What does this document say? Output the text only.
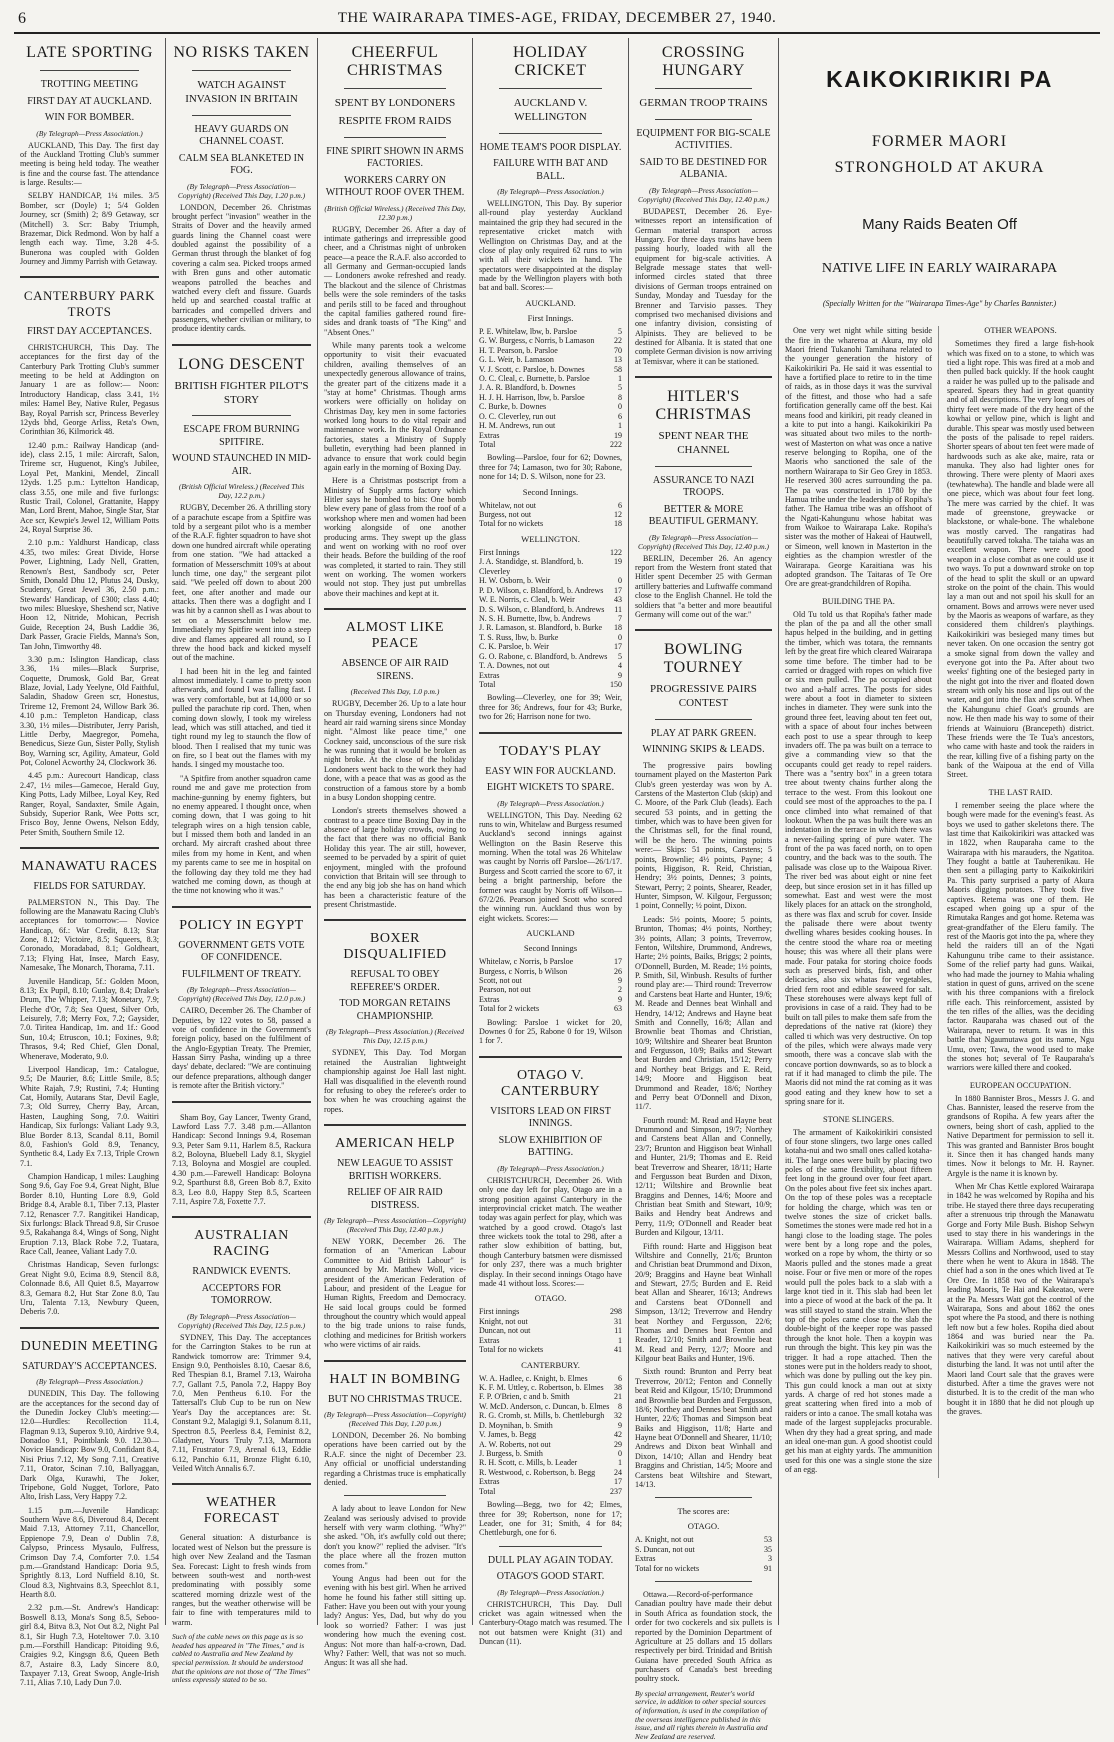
6	THE WAIRARAPA TIMES-AGE, FRIDAY, DECEMBER 27, 1940.
LATE SPORTING
TROTTING MEETING
FIRST DAY AT AUCKLAND.
WIN FOR BOMBER.
(By Telegraph—Press Association.)

AUCKLAND, This Day. The first day of the Auckland Trotting Club's summer meeting is being held today. The weather is fine and the course fast. The attendance is large. Results:—

SELBY HANDICAP, 1¼ miles. 3/5 Bomber, scr (Doyle) 1; 5/4 Golden Journey, scr (Smith) 2; 8/9 Getaway, scr (Mitchell) 3. Scr: Baby Triumph, Brazemar, Dick Redmond. Won by half a length each way. Time, 3.28 4-5. Bunerona was coupled with Golden Journey and Jimmy Parrish with Getaway.

CANTERBURY PARK TROTS
FIRST DAY ACCEPTANCES.

CHRISTCHURCH, This Day. The acceptances for the first day of the Canterbury Park Trotting Club's summer meeting to be held at Addington on January 1 are as follow:— Noon: Introductory Handicap, class 3.41, 1½ miles: Hamel Bey, Native Ruler, Pegasus Bay, Royal Parrish scr, Princess Beverley 12yds bhd, George Arliss, Reta's Own, Corinthian 36, Kilmorick 48.

12.40 p.m.: Railway Handicap (and-ide), class 2.15, 1 mile: Aircraft, Salon, Trireme scr, Huguenot, King's Jubilee, Loyal Pet, Mankini, Mendel, Zincall 12yds. 1.25 p.m.: Lyttelton Handicap, class 3.55, one mile and five furlongs: Rustic Trail, Colonel, Grattanite, Happy Man, Lord Brent, Mahoe, Single Star, Star Ace scr, Kewpie's Jewel 12, William Potts 24, Royal Surprise 36.

2.10 p.m.: Yaldhurst Handicap, class 4.35, two miles: Great Divide, Horse Power, Lightning, Lady Nell, Gratten, Renown's Best, Sandbody scr, Peter Smith, Donald Dhu 12, Plutus 24, Dusky, Scudenry, Great Jewel 36, 2.50 p.m.: Stewards' Handicap, of £300; class 4.40; two miles: Blueskye, Sheshend scr, Native Hoon 12, Nitride, Mohican, Pecrish Guide, Reception 24, Bush Laddie 36, Dark Passer, Gracie Fields, Manna's Son, Tan John, Timworthy 48.

3.30 p.m.: Islington Handicap, class 3.36, 1¼ miles—Black Surprise, Coquette, Drumosk, Gold Bar, Great Blaze, Jovial, Lady Yeelyne, Old Faithful, Saladin, Shadow Green scr, Honestus, Trireme 12, Fremont 24, Willow Bark 36. 4.10 p.m.: Templeton Handicap, class 3.30, 1½ miles—Distributer, Jerry Parish, Little Derby, Maegregor, Pomeha, Benedicus, Sieze Gun, Sister Polly, Stylish Boy, Warning scr, Agility, Amateur, Gold Pot, Colonel Acworthy 24, Clockwork 36.

4.45 p.m.: Aurecourt Handicap, class 2.47, 1½ miles—Gamecoe, Herald Guy, King Potts, Lady Milbee, Loyal Key, Red Ranger, Royal, Sandaxter, Smile Again, Subsidy, Superior Rank, Wee Potts scr, Frisco Boy, Jenne Owens, Nelson Eddy, Peter Smith, Southern Smile 12.

MANAWATU RACES
FIELDS FOR SATURDAY.

PALMERSTON N., This Day. The following are the Manawatu Racing Club's acceptances for tomorrow:— Novice Handicap, 6f.: War Credit, 8.13; Star Zone, 8.12; Victoire, 8.5; Squeers, 8.3; Coronado, Moradabad, 8.1; Goldheart, 7.13; Flying Hat, Insee, March Easy, Namesake, The Monarch, Thorama, 7.11.

Juvenile Handicap, 5f.: Golden Moon, 8.13; Ex Pupil, 8.10; Gunlay, 8.4; Drake's Drum, The Whipper, 7.13; Monetary, 7.9; Fleche d'Or, 7.8; Sea Quest, Silver Orb, Leisurely, 7.8; Merry Fox, 7.2; Gaysider, 7.0. Tiritea Handicap, 1m. and 1f.: Good Sun, 10.4; Etruscon, 10.1; Foxines, 9.8; Thrasos, 9.4; Red Chief, Glen Donal, Whenerave, Moderato, 9.0.

Liverpool Handicap, 1m.: Catalogue, 9.5; De Maurier, 8.6; Little Smile, 8.5; White Rajah, 7.9; Rustini, 7.4; Hunting Cat, Homily, Autarans Star, Devil Eagle, 7.3; Old Surrey, Cherry Bay, Arcan, Hasten, Laughing Song, 7.0. Waitiri Handicap, Six furlongs: Valiant Lady 9.3, Blue Border 8.13, Scandal 8.11, Bomil 8.0, Fashion's Gold 8.9, Tenancy, Synthetic 8.4, Lady Ex 7.13, Triple Crown 7.1.

Champion Handicap, 1 miles: Laughing Song 9.6, Gay Foe 9.4, Great Night, Blue Border 8.10, Hunting Lore 8.9, Gold Bridge 8.4, Arable 8.1, Tiber 7.13, Plaster 7.12, Renascer 7.7. Rangitikei Handicap, Six furlongs: Black Thread 9.8, Sir Crusoe 9.5, Rakahanga 8.4, Wings of Song, Night Eruption 7.13, Black Robe 7.2, Tuatara, Race Call, Jeanee, Valiant Lady 7.0.

Christmas Handicap, Seven furlongs: Great Night 9.0, Ecima 8.9, Stencil 8.8, Colonnade 8.6, All Quiet 8.5, Mayarrow 8.3, Gemara 8.2, Hut Star Zone 8.0, Tau Uru, Talenta 7.13, Newbury Queen, Deberis 7.0.

DUNEDIN MEETING
SATURDAY'S ACCEPTANCES.
(By Telegraph—Press Association.)

DUNEDIN, This Day. The following are the acceptances for the second day of the Dunedin Jockey Club's meeting:— 12.0—Hurdles: Recollection 11.4, Flagman 9.13, Superox 9.10, Airdrive 9.4, Donadoo 9.1, Pointblank 9.0. 12.30—Novice Handicap: Bow 9.0, Confidant 8.4, Nisi Prius 7.12, My Song 7.11, Creative 7.11, Orator, Scinan 7.10, Ballyaggan, Dark Olga, Kurawhi, The Joker, Tripebone, Gold Nugget, Torlore, Pato Alto, Irish Lass, Very Happy 7.2.

1.15 p.m.—Juvenile Handicap: Southern Wave 8.6, Diveroud 8.4, Decent Maid 7.13, Attorney 7.11, Chancellor, Eppienope 7.9, Dean o' Dublin 7.8, Calypso, Princess Mysaulo, Fulfress, Crimson Day 7.4, Comforter 7.0. 1.54 p.m.—Grandstand Handicap: Doria 9.5, Sprightly 8.13, Lord Nuffield 8.10, St. Cloud 8.3, Nightvains 8.3, Speechlot 8.1, Hearth 8.0.

2.32 p.m.—St. Andrew's Handicap: Boswell 8.13, Mona's Song 8.5, Seboo-girl 8.4, Bitva 8.3, Not Out 8.2, Night Pal 8.1, Sir Hugh 7.3, Hoteltower 7.0. 3.10 p.m.—Forsthill Handicap: Pitoiding 9.6, Craigies 9.2, Kingsgn 8.6, Queen Beth 8.7, Astaire 8.3, Lady Sincere 8.0, Taxpayer 7.13, Great Swoop, Angle-Irish 7.11, Alias 7.10, Lady Dun 7.0.

NO RISKS TAKEN
WATCH AGAINST INVASION IN BRITAIN
HEAVY GUARDS ON CHANNEL COAST.
CALM SEA BLANKETED IN FOG.
(By Telegraph—Press Association—Copyright) (Received This Day, 1.20 p.m.)

LONDON, December 26. Christmas brought perfect "invasion" weather in the Straits of Dover and the heavily armed guards lining the Channel coast were doubled against the possibility of a German thrust through the blanket of fog covering a calm sea. Picked troops armed with Bren guns and other automatic weapons patrolled the beaches and watched every cleft and fissure. Guards held up and searched coastal traffic at barricades and compelled drivers and passengers, whether civilian or military, to produce identity cards.

LONG DESCENT
BRITISH FIGHTER PILOT'S STORY
ESCAPE FROM BURNING SPITFIRE.
WOUND STAUNCHED IN MID-AIR.
(British Official Wireless.) (Received This Day, 12.2 p.m.)

RUGBY, December 26. A thrilling story of a parachute escape from a Spitfire was told by a sergeant pilot who is a member of the R.A.F. fighter squadron to have shot down one hundred aircraft while operating from one station. "We had attacked a formation of Messerschmitt 109's at about lunch time, one day," the sergeant pilot said. "We peeled off down to about 200 feet, one after another and made our attacks. Then there was a dogfight and I was hit by a cannon shell as I was about to set on a Messerschmitt below me. Immediately my Spitfire went into a steep dive and flames appeared all round, so I threw the hood back and kicked myself out of the machine.

I had been hit in the leg and fainted almost immediately. I came to pretty soon afterwards, and found I was falling fast. I was very comfortable, but at 14,000 or so pulled the parachute rip cord. Then, when coming down slowly, I took my wireless lead, which was still attached, and tied it tight round my leg to staunch the flow of blood. Then I realised that my tunic was on fire, so I beat out the flames with my hands. I singed my moustache too.

"A Spitfire from another squadron came round me and gave me protection from machine-gunning by enemy fighters, but no enemy appeared. I thought once, when coming down, that I was going to hit telegraph wires on a high tension cable, but I missed them both and landed in an orchard. My aircraft crashed about three miles from my home in Kent, and when my parents came to see me in hospital on the following day they told me they had watched me coming down, as though at the time not knowing who it was."

POLICY IN EGYPT
GOVERNMENT GETS VOTE OF CONFIDENCE.
FULFILMENT OF TREATY.
(By Telegraph—Press Association—Copyright) (Received This Day, 12.0 p.m.)

CAIRO, December 26. The Chamber of Deputies, by 122 votes to 58, passed a vote of confidence in the Government's foreign policy, based on the fulfilment of the Anglo-Egyptian Treaty. The Premier, Hassan Sirry Pasha, winding up a three days' debate, declared: "We are continuing our defence preparations, although danger is remote after the British victory."

Sham Boy, Gay Lancer, Twenty Grand, Lawford Lass 7.7. 3.48 p.m.—Allanton Handicap: Second Innings 9.4, Roseman 9.3, Peter Sam 9.11, Harlem 8.5, Rackura 8.2, Boloyna, Bluebell Lady 8.1, Skygiel 7.13, Boloyna and Mosgiel are coupled. 4.30 p.m.—Farewell Handicap: Boloyna 9.2, Sparthurst 8.8, Green Bob 8.7, Exito 8.3, Leo 8.0, Happy Step 8.5, Scarteen 7.11, Aspire 7.8, Foxette 7.7.

AUSTRALIAN RACING
RANDWICK EVENTS.
ACCEPTORS FOR TOMORROW.
(By Telegraph—Press Association—Copyright) (Received This Day, 12.5 p.m.)

SYDNEY, This Day. The acceptances for the Carrington Stakes to be run at Randwick tomorrow are: Trimmer 9.4, Ensign 9.0, Penthoisles 8.10, Caesar 8.6, Red Thespian 8.1, Bramel 7.13, Wairoha 7.7, Gallant 7.5, Panola 7.2, Happy Boy 7.0, Men Pentheus 6.10. For the Tattersall's Club Cup to be run on New Year's Day the acceptances are: St. Constant 9.2, Malagigi 9.1, Solanum 8.11, Spectron 8.5, Peerless 8.4, Feminist 8.2, Gladyner, Yours Truly 7.13, Marmora 7.11, Frustrator 7.9, Arenal 6.13, Eddie 6.12, Panchio 6.11, Bronze Flight 6.10, Veiled Witch Annalis 6.7.

WEATHER FORECAST

General situation: A disturbance is located west of Nelson but the pressure is high over New Zealand and the Tasman Sea. Forecast: Light to fresh winds from between south-west and north-west predominating with possibly some scattered morning drizzle west of the ranges, but the weather otherwise will be fair to fine with temperatures mild to warm.

Such of the cable news on this page as is so headed has appeared in "The Times," and is cabled to Australia and New Zealand by special permission. It should be understood that the opinions are not those of "The Times" unless expressly stated to be so.
CHEERFUL CHRISTMAS
SPENT BY LONDONERS
RESPITE FROM RAIDS
FINE SPIRIT SHOWN IN ARMS FACTORIES.
WORKERS CARRY ON WITHOUT ROOF OVER THEM.
(British Official Wireless.) (Received This Day, 12.30 p.m.)

RUGBY, December 26. After a day of intimate gatherings and irrepressible good cheer, and a Christmas night of unbroken peace—a peace the R.A.F. also accorded to all Germany and German-occupied lands — Londoners awoke refreshed and ready. The blackout and the silence of Christmas bells were the sole reminders of the tasks and perils still to be faced and throughout the capital families gathered round fire-sides and drank toasts of "The King" and "Absent Ones."

While many parents took a welcome opportunity to visit their evacuated children, availing themselves of an unexpectedly generous allowance of trains, the greater part of the citizens made it a "stay at home" Christmas. Though arms workers were officially on holiday on Christmas Day, key men in some factories worked long hours to do vital repair and maintenance work. In the Royal Ordnance factories, states a Ministry of Supply bulletin, everything had been planned in advance to ensure that work could begin again early in the morning of Boxing Day.

Here is a Christmas postscript from a Ministry of Supply arms factory which Hitler says he bombed to bits: One bomb blew every pane of glass from the roof of a workshop where men and women had been working alongside of one another producing arms. They swept up the glass and went on working with no roof over their heads. Before the building of the roof was completed, it started to rain. They still went on working. The women workers would not stop. They just put umbrellas above their machines and kept at it.

ALMOST LIKE PEACE
ABSENCE OF AIR RAID SIRENS.
(Received This Day, 1.0 p.m.)

RUGBY, December 26. Up to a late hour on Thursday evening, Londoners had not heard air raid warning sirens since Monday night. "Almost like peace time," one Cockney said, unconscious of the sure risk he was running that it would be broken as night broke. At the close of the holiday Londoners went back to the work they had done, with a peace that was as good as the construction of a famous store by a bomb in a busy London shopping centre.

London's streets themselves showed a contrast to a peace time Boxing Day in the absence of large holiday crowds, owing to the fact that there was no official Bank Holiday this year. The air still, however, seemed to be pervaded by a spirit of quiet enjoyment, mingled with the profound conviction that Britain will see through to the end any big job she has on hand which has been a characteristic feature of the present Christmastide.

BOXER DISQUALIFIED
REFUSAL TO OBEY REFEREE'S ORDER.
TOD MORGAN RETAINS CHAMPIONSHIP.
(By Telegraph—Press Association.) (Received This Day, 12.15 p.m.)

SYDNEY, This Day. Tod Morgan retained the Australian lightweight championship against Joe Hall last night. Hall was disqualified in the eleventh round for refusing to obey the referee's order to box when he was crouching against the ropes.

AMERICAN HELP
NEW LEAGUE TO ASSIST BRITISH WORKERS.
RELIEF OF AIR RAID DISTRESS.
(By Telegraph—Press Association—Copyright) (Received This Day, 12.40 p.m.)

NEW YORK, December 26. The formation of an "American Labour Committee to Aid British Labour" is announced by Mr. Matthew Woll, vice-president of the American Federation of Labour, and president of the League for Human Rights, Freedom and Democracy. He said local groups could be formed throughout the country which would appeal to the big trade unions to raise funds, clothing and medicines for British workers who were victims of air raids.

HALT IN BOMBING
BUT NO CHRISTMAS TRUCE.
(By Telegraph—Press Association—Copyright) (Received This Day, 1.20 p.m.)

LONDON, December 26. No bombing operations have been carried out by the R.A.F. since the night of December 23. Any official or unofficial understanding regarding a Christmas truce is emphatically denied.

A lady about to leave London for New Zealand was seriously advised to provide herself with very warm clothing. "Why?" she asked. "Oh, it's awfully cold out there; don't you know?" replied the adviser. "It's the place where all the frozen mutton comes from."

Young Angus had been out for the evening with his best girl. When he arrived home he found his father still sitting up. Father: Have you been out with your young lady? Angus: Yes, Dad, but why do you look so worried? Father: I was just wondering how much the evening cost. Angus: Not more than half-a-crown, Dad. Why? Father: Well, that was not so much. Angus: It was all she had.

HOLIDAY CRICKET
AUCKLAND V. WELLINGTON
HOME TEAM'S POOR DISPLAY.
FAILURE WITH BAT AND BALL.
(By Telegraph—Press Association.)

WELLINGTON, This Day. By superior all-round play yesterday Auckland maintained the grip they had secured in the representative cricket match with Wellington on Christmas Day, and at the close of play only required 62 runs to win with all their wickets in hand. The spectators were disappointed at the display made by the Wellington players with both bat and ball. Scores:—

AUCKLAND.
First Innings.
P. E. Whitelaw, lbw, b. Parsloe	5
G. W. Burgess, c Norris, b Lamason 22
H. T. Pearson, b. Parsloe	70
G. L. Weir, b. Lamason	13
V. J. Scott, c. Parsloe, b. Downes	58
O. C. Cleal, c. Burnette, b. Parsloe	1
J. A. R. Blandford, b. Downes	5
H. J. H. Harrison, lbw, b. Parsloe	8
C. Burke, b. Downes	0
O. C. Cleverley, run out	6
H. M. Andrews, run out	1
Extras	19
Total	222

Bowling—Parsloe, four for 62; Downes, three for 74; Lamason, two for 30; Rabone, none for 14; D. S. Wilson, none for 23.

Second Innings.
Whitelaw, not out	6
Burgess, not out	12
Total for no wickets	18
WELLINGTON.
First Innings	122
J. A. Standidge, st. Blandford, b. Cleverley
19
H. W. Osborn, b. Weir	0
P. D. Wilson, c. Blandford, b. Andrews 17
W. E. Norris, c. Cleal, b. Weir	43
D. S. Wilson, c. Blandford, b. Andrews 11
N. S. H. Burnette, lbw, b. Andrews	7
J. R. Lamason, st. Blandford, b. Burke 18
T. S. Russ, lbw, b. Burke	0
C. K. Parsloe, b. Weir	17
G. O. Rabone, c. Blandford, b. Andrews 5
T. A. Downes, not out	4
Extras	9
Total	150

Bowling—Cleverley, one for 39; Weir, three for 36; Andrews, four for 43; Burke, two for 26; Harrison none for two.

TODAY'S PLAY
EASY WIN FOR AUCKLAND.
EIGHT WICKETS TO SPARE.
(By Telegraph—Press Association.)

WELLINGTON, This Day. Needing 62 runs to win, Whitelaw and Burgess resumed Auckland's second innings against Wellington on the Basin Reserve this morning. When the total was 26 Whitelaw was caught by Norris off Parsloe—26/1/17. Burgess and Scott carried the score to 67, it being a bright partnership, before the former was caught by Norris off Wilson—67/2/26. Pearson joined Scott who scored the winning run. Auckland thus won by eight wickets. Scores:—

AUCKLAND
Second Innings
Whitelaw, c Norris, b Parsloe	17
Burgess, c Norris, b Wilson	26
Scott, not out	9
Pearson, not out	2
Extras	9
Total for 2 wickets	63

Bowling: Parsloe 1 wicket for 20, Downes 0 for 25, Rabone 0 for 19, Wilson 1 for 7.

OTAGO V. CANTERBURY
VISITORS LEAD ON FIRST INNINGS.
SLOW EXHIBITION OF BATTING.
(By Telegraph—Press Association.)

CHRISTCHURCH, December 26. With only one day left for play, Otago are in a strong position against Canterbury in the interprovincial cricket match. The weather today was again perfect for play, which was watched by a good crowd. Otago's last three wickets took the total to 298, after a rather slow exhibition of batting, but, though Canterbury batsmen were dismissed for only 237, there was a much brighter display. In their second innings Otago have made 41 without loss. Scores:—

OTAGO.
First innings	298
Knight, not out	31
Duncan, not out	11
Extras	1
Total for no wickets	41
CANTERBURY.
W. A. Hadlee, c. Knight, b. Elmes	6
K. F. M. Uttley, c. Robertson, b. Elmes 38
F. P. O'Brien, c and b. Smith	21
W. McD. Anderson, c. Duncan, b. Elmes 8
R. G. Cromb, st. Mills, b. Chettleburgh 32
D. Moynihan, b. Smith	9
V. James, b. Begg	42
A. W. Roberts, not out	29
J. Burgess, b. Smith	0
R. H. Scott, c. Mills, b. Leader	1
R. Westwood, c. Robertson, b. Begg 24
Extras	17
Total	237

Bowling—Begg, two for 42; Elmes, three for 39; Robertson, none for 17; Leader, one for 31; Smith, 4 for 84; Chettleburgh, one for 6.

DULL PLAY AGAIN TODAY.
OTAGO'S GOOD START.
(By Telegraph—Press Association.)

CHRISTCHURCH, This Day. Dull cricket was again witnessed when the Canterbury-Otago match was resumed. The not out batsmen were Knight (31) and Duncan (11).

CROSSING HUNGARY
GERMAN TROOP TRAINS
EQUIPMENT FOR BIG-SCALE ACTIVITIES.
SAID TO BE DESTINED FOR ALBANIA.
(By Telegraph—Press Association—Copyright) (Received This Day, 12.40 p.m.)

BUDAPEST, December 26. Eye-witnesses report an intensification of German material transport across Hungary. For three days trains have been passing hourly, loaded with all the equipment for big-scale activities. A Belgrade message states that well-informed circles stated that three divisions of German troops entrained on Sunday, Monday and Tuesday for the Brenner and Tarvisio passes. They comprised two mechanised divisions and one infantry division, consisting of Alpinists. They are believed to be destined for Albania. It is stated that one complete German division is now arriving at Temisvar, where it can be stationed.

HITLER'S CHRISTMAS
SPENT NEAR THE CHANNEL
ASSURANCE TO NAZI TROOPS.
BETTER & MORE BEAUTIFUL GERMANY.
(By Telegraph—Press Association—Copyright) (Received This Day, 12.40 p.m.)

BERLIN, December 26. An agency report from the Western front stated that Hitler spent December 25 with German artillery batteries and Luftwaffe command close to the English Channel. He told the soldiers that "a better and more beautiful Germany will come out of the war."

BOWLING TOURNEY
PROGRESSIVE PAIRS CONTEST
PLAY AT PARK GREEN.
WINNING SKIPS & LEADS.

The progressive pairs bowling tournament played on the Masterton Park Club's green yesterday was won by A. Carstens of the Masterton Club (skip) and C. Moore, of the Park Club (leads). Each secured 53 points, and in getting the timber, which was to have been given for the Christmas sell, for the final round, will be the hero. The winning points were:— Skips: 51 points, Carstens; 5 points, Brownlie; 4½ points, Payne; 4 points, Higgison, R. Reid, Christian, Hendry; 3½ points, Dennes; 3 points, Stewart, Perry; 2 points, Shearer, Reader, Hunter, Simpson, W. Kilgour, Fergusson; 1 point, Connelly; ½ point, Dixon.

Leads: 5½ points, Moore; 5 points, Brunton, Thomas; 4½ points, Northey; 3½ points, Allan; 3 points, Treverrow, Fenton, Wiltshire, Drummond, Andrews, Harte; 2½ points, Baiks, Briggs; 2 points, O'Donnell, Burden, M. Reade; 1½ points, P. Smith, Sil, Winbush. Results of further round play are:— Third round: Treverrow and Carstens beat Harte and Hunter, 19/6; M. Reade and Dennes beat Winhall and Hendry, 14/12; Andrews and Hayne beat Smith and Connelly, 16/8; Allan and Brownlie beat Thomas and Christian, 10/9; Wiltshire and Shearer beat Brunton and Fergusson, 10/9; Baiks and Stewart beat Burden and Christian, 15/12; Perry and Northey beat Briggs and E. Reid, 14/9; Moore and Higgison beat Drummond and Reader, 18/6; Northey and Perry beat O'Donnell and Dixon, 11/7.

Fourth round: M. Read and Hayne beat Drummond and Simpson, 19/7; Northey and Carstens beat Allan and Connelly, 23/7; Brunton and Higgison beat Winhall and Hunter, 21/9; Thomas and E. Reid beat Treverrow and Shearer, 18/11; Harte and Fergusson beat Burden and Dixon, 12/11; Wiltshire and Brownlie beat Braggins and Dennes, 14/6; Moore and Christian beat Smith and Stewart, 10/9; Baiks and Hendry beat Andrews and Perry, 11/9; O'Donnell and Reader beat Burden and Kilgour, 13/11.

Fifth round: Harte and Higgison beat Wiltshire and Connelly, 21/6; Brunton and Christian beat Drummond and Dixon, 20/9; Braggins and Hayne beat Winhall and Stewart, 27/5; Burden and E. Reid beat Allan and Shearer, 16/13; Andrews and Carstens beat O'Donnell and Simpson, 13/12; Treverrow and Hendry beat Northey and Fergusson, 22/6; Thomas and Dennes beat Fenton and Reader, 12/10; Smith and Brownlie beat M. Read and Perry, 12/7; Moore and Kilgour beat Baiks and Hunter, 19/6.

Sixth round: Brunton and Perry beat Treverrow, 20/12; Fenton and Connelly beat Reid and Kilgour, 15/10; Drummond and Brownlie beat Burden and Fergusson, 18/6; Northey and Dennes beat Smith and Hunter, 22/6; Thomas and Simpson beat Baiks and Higgison, 11/8; Harte and Hayne beat O'Donnell and Shearer, 11/10; Andrews and Dixon beat Winhall and Dixon, 14/10; Allan and Hendry beat Braggins and Christian, 14/5; Moore and Carstens beat Wiltshire and Stewart, 14/13.

The scores are:
OTAGO.
A. Knight, not out	53
S. Duncan, not out	35
Extras	3
Total for no wickets	91

Ottawa.—Record-of-performance Canadian poultry have made their debut in South Africa as foundation stock, the order for two cockerels and six pullets is reported by the Dominion Department of Agriculture at 25 dollars and 15 dollars respectively per bird. Trinidad and British Guiana have preceded South Africa as purchasers of Canada's best breeding poultry stock.

By special arrangement, Reuter's world service, in addition to other special sources of information, is used in the compilation of the overseas intelligence published in this issue, and all rights therein in Australia and New Zealand are reserved.
KAIKOKIRIKIRI PA
FORMER MAORI STRONGHOLD AT AKURA
Many Raids Beaten Off
NATIVE LIFE IN EARLY WAIRARAPA
(Specially Written for the "Wairarapa Times-Age" by Charles Bannister.)

One very wet night while sitting beside the fire in the whareroa at Akura, my old Maori friend Tukanohi Tamihana related to the younger generation the history of Kaikokirikiri Pa. He said it was essential to have a fortified place to retire to in the time of raids, as in those days it was the survival of the fittest, and those who had a safe fortification generally came off the best. Kai means food and kirikiri, pit ready cleaned in a kite to put into a hangi. Kaikokirikiri Pa was situated about two miles to the north-west of Masterton on what was once a native reserve belonging to Ropiha, one of the Maoris who sanctioned the sale of the northern Wairarapa to Sir Geo Grey in 1853. He reserved 300 acres surrounding the pa. The pa was constructed in 1780 by the Hamua tribe under the leadership of Ropiha's father. The Hamua tribe was an offshoot of the Ngati-Kahungunu whose habitat was from Waikoe to Wairarapa Lake. Ropiha's sister was the mother of Hakeai of Hautwell, or Simeon, well known in Masterton in the eighties as the champion wrestler of the Wairarapa. George Karaitiana was his adopted grandson. The Taitaras of Te Ore Ore are great-grandchildren of Ropiha.

BUILDING THE PA.

Old Tu told us that Ropiha's father made the plan of the pa and all the other small hapus helped in the building, and in getting the timber, which was totara, the remnants left by the great fire which cleared Wairarapa some time before. The timber had to be carried or dragged with ropes on which five or six men pulled. The pa occupied about two and a-half acres. The posts for sides were about a foot in diameter to sixteen inches in diameter. They were sunk into the ground three feet, leaving about ten feet out, with a space of about four inches between each post to use a spear through to keep invaders off. The pa was built on a terrace to give a commanding view so that the occupants could get ready to repel raiders. There was a "sentry box" in a green totara tree about twenty chains further along the terrace to the west. From this lookout one could see most of the approaches to the pa. I once climbed into what remained of that lookout. When the pa was built there was an indentation in the terrace in which there was a never-failing spring of pure water. The front of the pa was faced north, on to open country, and the back was to the south. The palisade was close up to the Waipoua River. The river bed was about eight or nine feet deep, but since erosion set in it has filled up somewhat. East and west were the most likely places for an attack on the stronghold, as there was flax and scrub for cover. Inside the palisade there were about twenty dwelling whares besides cooking houses. In the centre stood the whare roa or meeting house; this was where all their plans were made. Four pataka for storing choice foods such as preserved birds, fish, and other delicacies, also six whatas for vegetables, dried fern root and edible seaweed for salt. These storehouses were always kept full of provisions in case of a raid. They had to be built on tall piles to make them safe from the depredations of the native rat (kiore) they called ti which was very destructive. On top of the piles, which were always made very smooth, there was a concave slab with the concave portion downwards, so as to block a rat if it had managed to climb the pile. The Maoris did not mind the rat coming as it was good eating and they knew how to set a spring snare for it.

STONE SLINGERS.

The armament of Kaikokirikiri consisted of four stone slingers, two large ones called kotaha-nui and two small ones called kotaha-iti. The large ones were built by placing two poles of the same flexibility, about fifteen feet long in the ground over four feet apart. On the poles about five feet six inches apart. On the top of these poles was a receptacle for holding the charge, which was ten or twelve stones the size of cricket balls. Sometimes the stones were made red hot in a hangi close to the loading stage. The poles were bent by a long rope and the poles, worked on a rope by whom, the thirty or so Maoris pulled and the stones made a great noise. Four or five men or more of the ropes would pull the poles back to a slab with a large knot tied in it. This slab had been let into a piece of wood at the back of the pa. It was still stayed to stand the strain. When the top of the poles came close to the slab the double-bight of the keeper rope was passed through the knot hole. Then a koypin was run through the bight. This key pin was the trigger. It had a rope attached. Then the stones were put in the holders ready to shoot, which was done by pulling out the key pin. This gun could knock a man out at sixty yards. A charge of red hot stones made a great scattering when fired into a mob of raiders or into a canoe. The small kotaha was made of the largest supplejacks procurable. When dry they had a great spring, and made an ideal one-man gun. A good shootist could get his man at eighty yards. The ammunition used for this one was a single stone the size of an egg.

OTHER WEAPONS.

Sometimes they fired a large fish-hook which was fixed on to a stone, to which was tied a light rope. This was fired at a mob and then pulled back quickly. If the hook caught a raider he was pulled up to the palisade and speared. Spears they had in great quantity and of all descriptions. The very long ones of thirty feet were made of the dry heart of the kowhai or yellow pine, which is light and durable. This spear was mostly used between the posts of the palisade to repel raiders. Shorter spears of about ten feet were made of hardwoods such as ake ake, maire, rata or manuka. They also had lighter ones for throwing. There were plenty of Maori axes (tewhatewha). The handle and blade were all one piece, which was about four feet long. The mere was carried by the chief. It was made of greenstone, greywacke or blackstone, or whale-bone. The whalebone was mostly carved. The rangatiras had beautifully carved tokaha. The taiaha was an excellent weapon. There were a good weapon in a close combat as one could use it two ways. To put a downward stroke on top of the head to split the skull or an upward stroke on the point of the chain. This would lay a man out and not spoil his skull for an ornament. Bows and arrows were never used by the Maoris as weapons of warfare, as they considered them children's playthings. Kaikokirikiri was besieged many times but never taken. On one occasion the sentry got a smoke signal from down the valley and everyone got into the Pa. After about two weeks' fighting one of the besieged party in the night got into the river and floated down stream with only his nose and lips out of the water, and got into the flax and scrub. When the Kahungunu chief Goat's grounds are now. He then made his way to some of their friends at Wainuioru (Brancepeth) district. These friends were the Te Tua's ancestors, who came with haste and took the raiders in the rear, killing five of a fishing party on the bank of the Waipoua at the end of Villa Street.

THE LAST RAID.

I remember seeing the place where the bough were made for the evening's feast. As boys we used to gather skeletons there. The last time that Kaikokirikiri was attacked was in 1822, when Rauparaha came to the Wairarapa with his marauders, the Ngatitoa. They fought a battle at Tauherenikau. He then sent a pillaging party to Kaikokirikiri Pa. This party surprised a party of Akura Maoris digging potatoes. They took five captives. Retema was one of them. He escaped when going up a spur of the Rimutaka Ranges and got home. Retema was great-grandfather of the Eleru family. The rest of the Maoris got into the pa, where they held the raiders till an of the Ngati Kahungunu tribe came to their assistance. Some of the relief party had guns. Waikai, who had made the journey to Mahia whaling station in quest of guns, arrived on the scene with his three companions with a firelock rifle each. This reinforcement, assisted by the ten rifles of the allies, was the deciding factor. Rauparaha was chased out of the Wairarapa, never to return. It was in this battle that Ngaumutawa got its name, Ngu Umu, oven; Tawa, the wood used to make the stones hot; several of Te Rauparaha's warriors were killed there and cooked.

EUROPEAN OCCUPATION.

In 1880 Bannister Bros., Messrs J. G. and Chas. Bannister, leased the reserve from the grandsons of Ropiha. A few years after the owners, being short of cash, applied to the Native Department for permission to sell it. This was granted and Bannister Bros bought it. Since then it has changed hands many times. Now it belongs to Mr. H. Rayner. Argyle is the name it is known by.

When Mr Chas Kettle explored Wairarapa in 1842 he was welcomed by Ropiha and his tribe. He stayed there three days recuperating after a strenuous trip through the Manawatu Gorge and Forty Mile Bush. Bishop Selwyn used to stay there in his wanderings in the Wairarapa. William Adams, shepherd for Messrs Collins and Northwood, used to stay there when he went to Akura in 1848. The chief had a son in the ones which lived at Te Ore Ore. In 1858 two of the Wairarapa's leading Maoris, Te Hai and Kakeatao, were at the Pa. Messrs Watt got the control of the Wairarapa, Sons and about 1862 the ones spot where the Pa stood, and there is nothing left now but a few holes. Ropiha died about 1864 and was buried near the Pa. Kaikokirikiri was so much esteemed by the natives that they were very careful about disturbing the land. It was not until after the Maori land Court sale that the graves were disturbed. After a time the graves were not disturbed. It is to the credit of the man who bought it in 1880 that he did not plough up the graves.
